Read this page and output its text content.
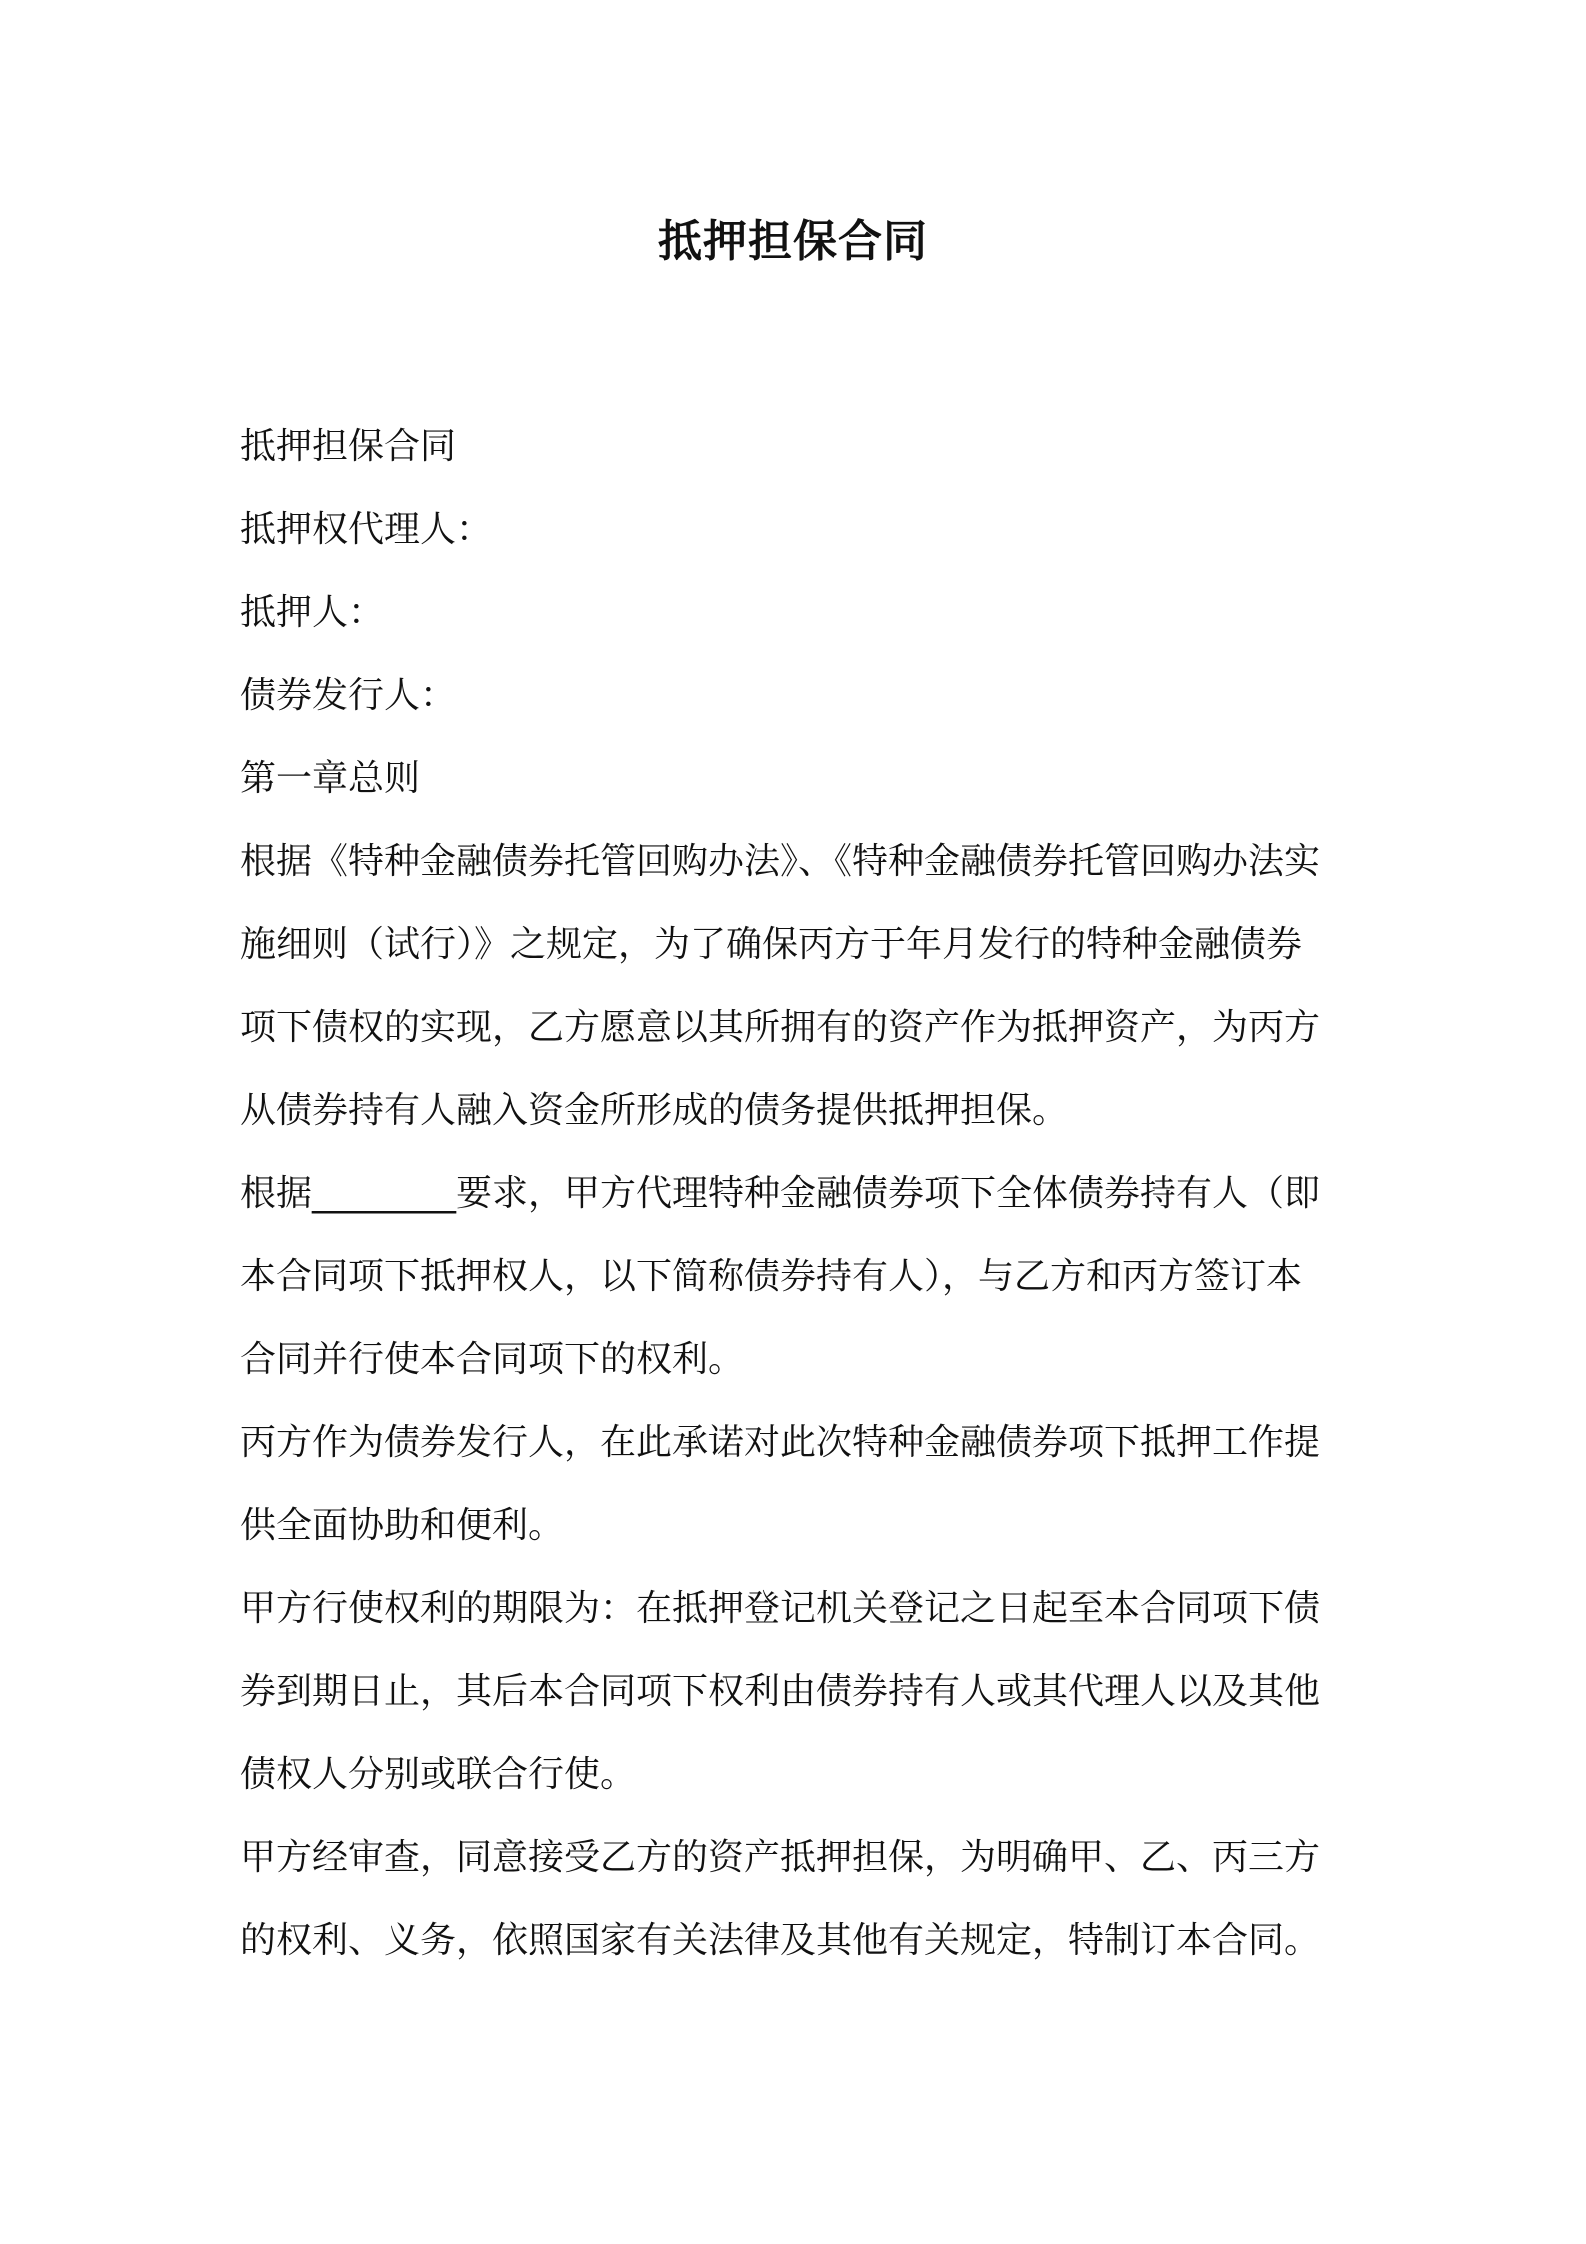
抵押担保合同
抵押担保合同
抵押权代理人：
抵押人：
债券发行人：
第一章总则
根据《特种金融债券托管回购办法》、《特种金融债券托管回购办法实
施细则（试行）》之规定，为了确保丙方于年月发行的特种金融债券
项下债权的实现，乙方愿意以其所拥有的资产作为抵押资产，为丙方
从债券持有人融入资金所形成的债务提供抵押担保。
根据________要求，甲方代理特种金融债券项下全体债券持有人（即
本合同项下抵押权人，以下简称债券持有人），与乙方和丙方签订本
合同并行使本合同项下的权利。
丙方作为债券发行人，在此承诺对此次特种金融债券项下抵押工作提
供全面协助和便利。
甲方行使权利的期限为：在抵押登记机关登记之日起至本合同项下债
券到期日止，其后本合同项下权利由债券持有人或其代理人以及其他
债权人分别或联合行使。
甲方经审查，同意接受乙方的资产抵押担保，为明确甲、乙、丙三方
的权利、义务，依照国家有关法律及其他有关规定，特制订本合同。
